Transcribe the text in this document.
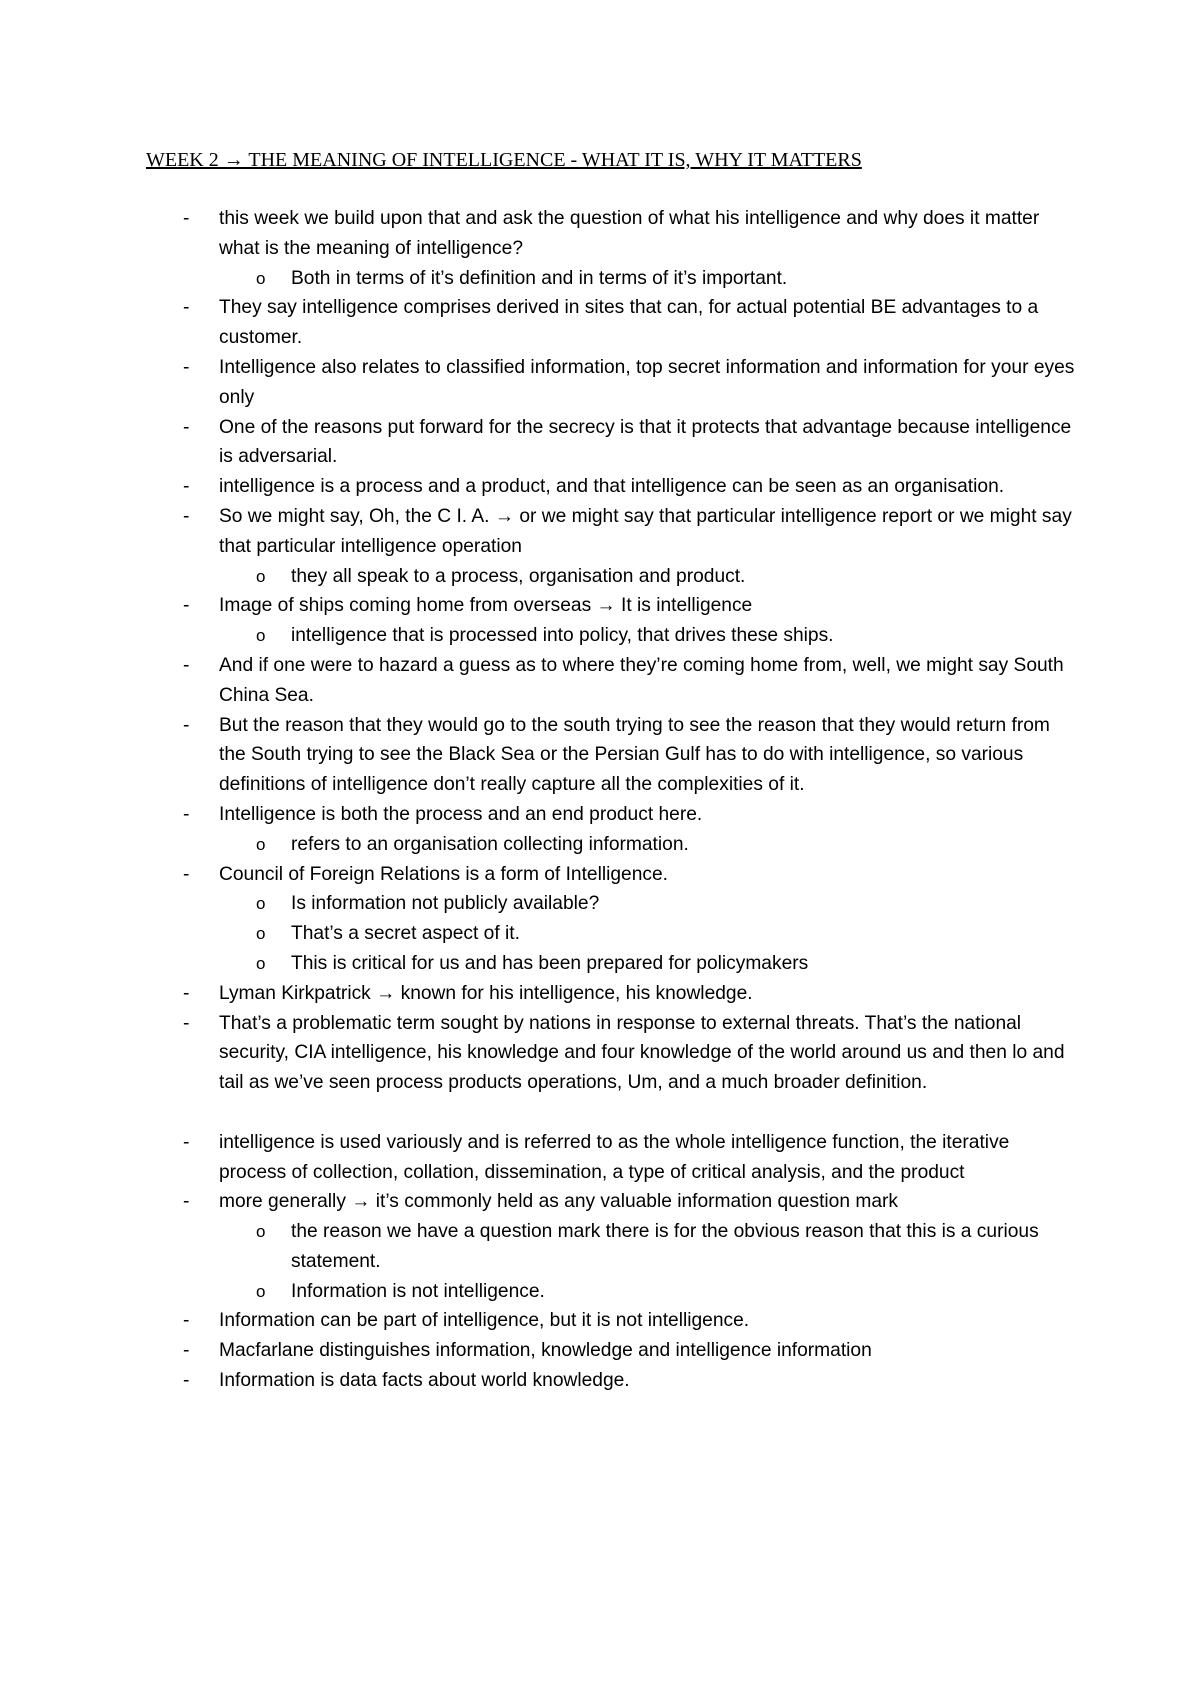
WEEK 2 → THE MEANING OF INTELLIGENCE - WHAT IT IS, WHY IT MATTERS
- this week we build upon that and ask the question of what his intelligence and why does it matter what is the meaning of intelligence?
o Both in terms of it’s definition and in terms of it’s important.
- They say intelligence comprises derived in sites that can, for actual potential BE advantages to a customer.
- Intelligence also relates to classified information, top secret information and information for your eyes only
- One of the reasons put forward for the secrecy is that it protects that advantage because intelligence is adversarial.
- intelligence is a process and a product, and that intelligence can be seen as an organisation.
- So we might say, Oh, the C I. A. → or we might say that particular intelligence report or we might say that particular intelligence operation
o they all speak to a process, organisation and product.
- Image of ships coming home from overseas → It is intelligence
o intelligence that is processed into policy, that drives these ships.
- And if one were to hazard a guess as to where they’re coming home from, well, we might say South China Sea.
- But the reason that they would go to the south trying to see the reason that they would return from the South trying to see the Black Sea or the Persian Gulf has to do with intelligence, so various definitions of intelligence don’t really capture all the complexities of it.
- Intelligence is both the process and an end product here.
o refers to an organisation collecting information.
- Council of Foreign Relations is a form of Intelligence.
o Is information not publicly available?
o That’s a secret aspect of it.
o This is critical for us and has been prepared for policymakers
- Lyman Kirkpatrick → known for his intelligence, his knowledge.
- That’s a problematic term sought by nations in response to external threats. That’s the national security, CIA intelligence, his knowledge and four knowledge of the world around us and then lo and tail as we’ve seen process products operations, Um, and a much broader definition.
- intelligence is used variously and is referred to as the whole intelligence function, the iterative process of collection, collation, dissemination, a type of critical analysis, and the product
- more generally → it’s commonly held as any valuable information question mark
o the reason we have a question mark there is for the obvious reason that this is a curious statement.
o Information is not intelligence.
- Information can be part of intelligence, but it is not intelligence.
- Macfarlane distinguishes information, knowledge and intelligence information
- Information is data facts about world knowledge.
